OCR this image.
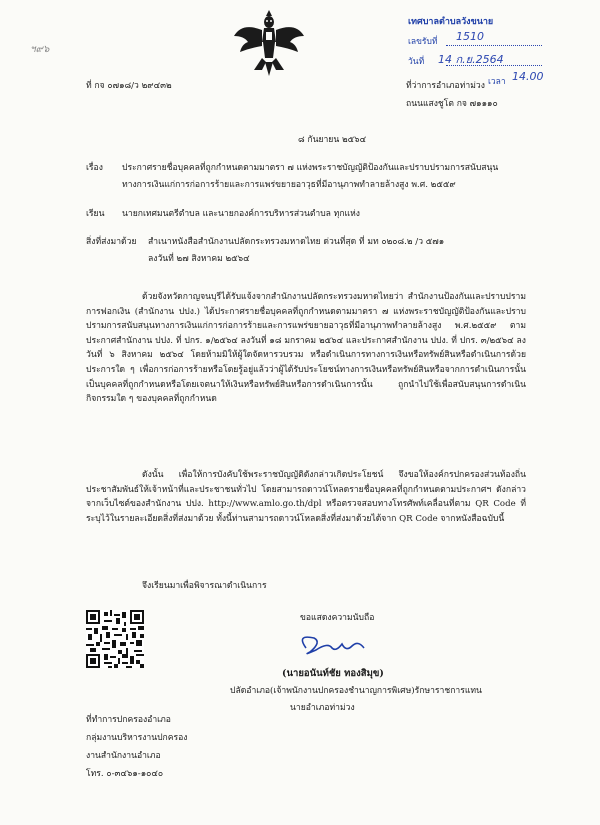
ฯ๙๖
เทศบาลตำบลวังขนาย
เลขรับที่ 1510
วันที่ 14 ก.ย.2564
เวลา 14.00
ที่ กจ ๐๗๑๘/ว ๒๙๔๓๒	ที่ว่าการอำเภอท่าม่วง
ถนนแสงชูโต กจ ๗๑๑๑๐
๘ กันยายน ๒๕๖๔
เรื่อง ประกาศรายชื่อบุคคลที่ถูกกำหนดตามมาตรา ๗ แห่งพระราชบัญญัติป้องกันและปราบปรามการสนับสนุน
ทางการเงินแก่การก่อการร้ายและการแพร่ขยายอาวุธที่มีอานุภาพทำลายล้างสูง พ.ศ. ๒๕๕๙
เรียน นายกเทศมนตรีตำบล และนายกองค์การบริหารส่วนตำบล ทุกแห่ง
สิ่งที่ส่งมาด้วย สำเนาหนังสือสำนักงานปลัดกระทรวงมหาดไทย ด่วนที่สุด ที่ มท ๐๒๐๘.๒ /ว ๕๗๑
ลงวันที่ ๒๗ สิงหาคม ๒๕๖๔
ด้วยจังหวัดกาญจนบุรีได้รับแจ้งจากสำนักงานปลัดกระทรวงมหาดไทยว่า สำนักงานป้องกันและปราบปรามการฟอกเงิน (สำนักงาน ปปง.) ได้ประกาศรายชื่อบุคคลที่ถูกกำหนดตามมาตรา ๗ แห่งพระราชบัญญัติป้องกันและปราบปรามการสนับสนุนทางการเงินแก่การก่อการร้ายและการแพร่ขยายอาวุธที่มีอานุภาพทำลายล้างสูง พ.ศ.๒๕๕๙ ตามประกาศสำนักงาน ปปง. ที่ ปกร. ๑/๒๕๖๔ ลงวันที่ ๑๘ มกราคม ๒๕๖๔ และประกาศสำนักงาน ปปง. ที่ ปกร. ๓/๒๕๖๔ ลงวันที่ ๖ สิงหาคม ๒๕๖๔ โดยห้ามมิให้ผู้ใดจัดหารวบรวม หรือดำเนินการทางการเงินหรือทรัพย์สินหรือดำเนินการด้วยประการใด ๆ เพื่อการก่อการร้ายหรือโดยรู้อยู่แล้วว่าผู้ได้รับประโยชน์ทางการเงินหรือทรัพย์สินหรือจากการดำเนินการนั้นเป็นบุคคลที่ถูกกำหนดหรือโดยเจตนาให้เงินหรือทรัพย์สินหรือการดำเนินการนั้น ถูกนำไปใช้เพื่อสนับสนุนการดำเนินกิจกรรมใด ๆ ของบุคคลที่ถูกกำหนด
ดังนั้น เพื่อให้การบังคับใช้พระราชบัญญัติดังกล่าวเกิดประโยชน์ จึงขอให้องค์กรปกครองส่วนท้องถิ่นประชาสัมพันธ์ให้เจ้าหน้าที่และประชาชนทั่วไป โดยสามารถดาวน์โหลดรายชื่อบุคคลที่ถูกกำหนดตามประกาศฯ ดังกล่าวจากเว็บไซต์ของสำนักงาน ปปง. http://www.amlo.go.th/dpl หรือตรวจสอบทางโทรศัพท์เคลื่อนที่ตาม QR Code ที่ระบุไว้ในรายละเอียดสิ่งที่ส่งมาด้วย ทั้งนี้ท่านสามารถดาวน์โหลดสิ่งที่ส่งมาด้วยได้จาก QR Code จากหนังสือฉบับนี้
จึงเรียนมาเพื่อพิจารณาดำเนินการ
ขอแสดงความนับถือ
(นายอนันท์ชัย ทองสิมุข)
ปลัดอำเภอ(เจ้าพนักงานปกครองชำนาญการพิเศษ)รักษาราชการแทน
นายอำเภอท่าม่วง
ที่ทำการปกครองอำเภอ
กลุ่มงานบริหารงานปกครอง
งานสำนักงานอำเภอ
โทร. ๐-๓๔๖๑-๑๐๔๐
